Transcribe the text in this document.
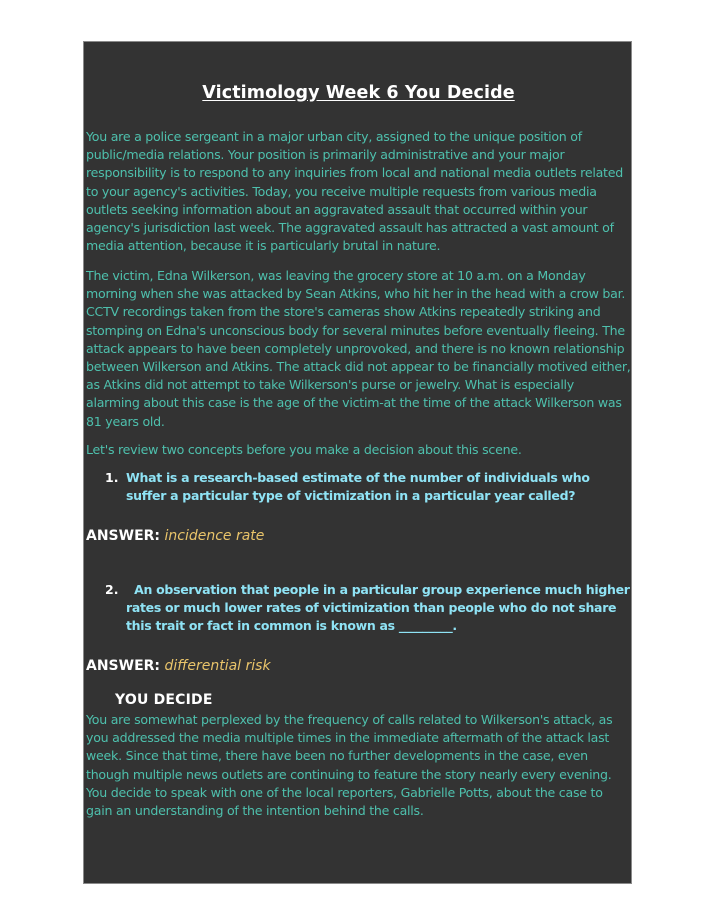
Victimology Week 6 You Decide
You are a police sergeant in a major urban city, assigned to the unique position of public/media relations. Your position is primarily administrative and your major responsibility is to respond to any inquiries from local and national media outlets related to your agency's activities. Today, you receive multiple requests from various media outlets seeking information about an aggravated assault that occurred within your agency's jurisdiction last week. The aggravated assault has attracted a vast amount of media attention, because it is particularly brutal in nature.
The victim, Edna Wilkerson, was leaving the grocery store at 10 a.m. on a Monday morning when she was attacked by Sean Atkins, who hit her in the head with a crow bar. CCTV recordings taken from the store's cameras show Atkins repeatedly striking and stomping on Edna's unconscious body for several minutes before eventually fleeing. The attack appears to have been completely unprovoked, and there is no known relationship between Wilkerson and Atkins. The attack did not appear to be financially motived either, as Atkins did not attempt to take Wilkerson's purse or jewelry. What is especially alarming about this case is the age of the victim-at the time of the attack Wilkerson was 81 years old.
Let's review two concepts before you make a decision about this scene.
1. What is a research-based estimate of the number of individuals who suffer a particular type of victimization in a particular year called?
ANSWER: incidence rate
2. An observation that people in a particular group experience much higher rates or much lower rates of victimization than people who do not share this trait or fact in common is known as _________.
ANSWER: differential risk
YOU DECIDE
You are somewhat perplexed by the frequency of calls related to Wilkerson's attack, as you addressed the media multiple times in the immediate aftermath of the attack last week. Since that time, there have been no further developments in the case, even though multiple news outlets are continuing to feature the story nearly every evening. You decide to speak with one of the local reporters, Gabrielle Potts, about the case to gain an understanding of the intention behind the calls.
